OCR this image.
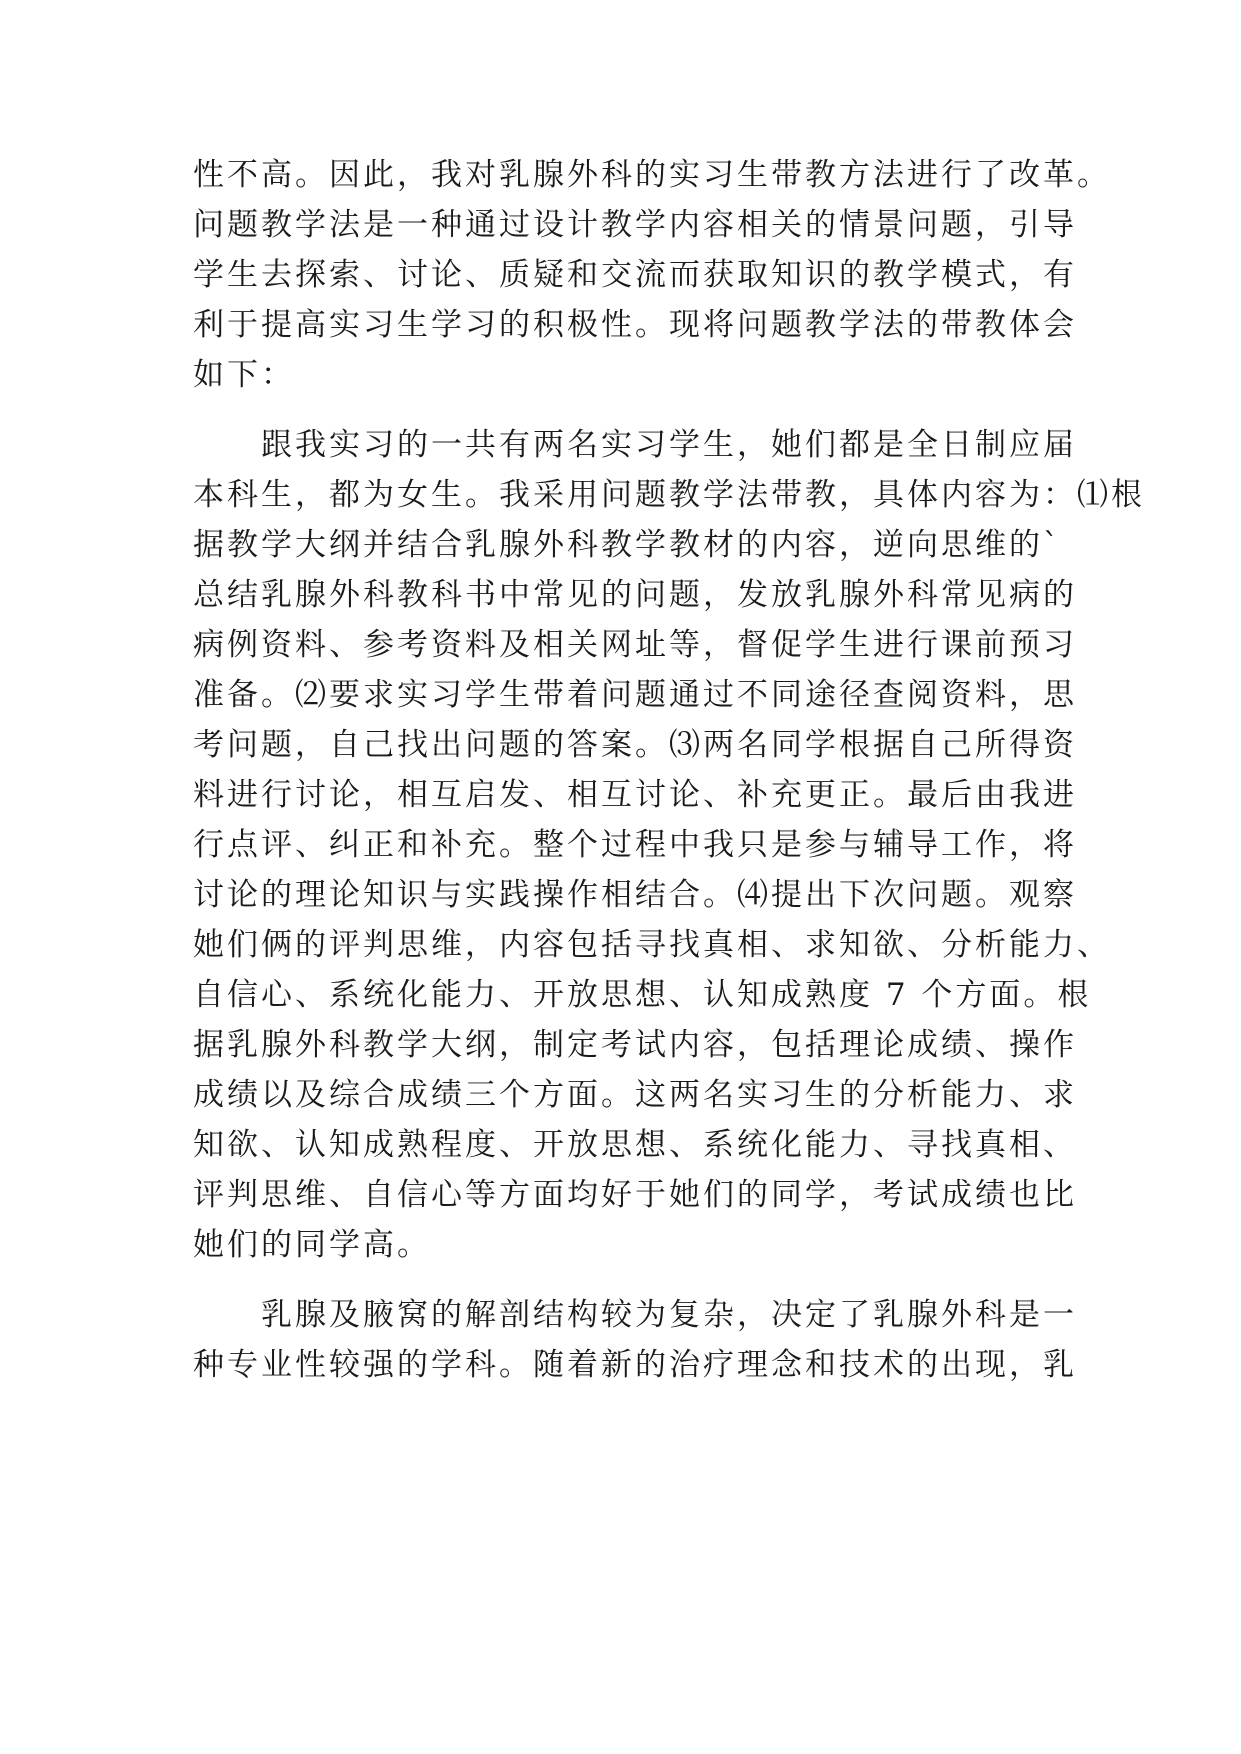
性不高。因此，我对乳腺外科的实习生带教方法进行了改革。
问题教学法是一种通过设计教学内容相关的情景问题，引导
学生去探索、讨论、质疑和交流而获取知识的教学模式，有
利于提高实习生学习的积极性。现将问题教学法的带教体会
如下：
　　跟我实习的一共有两名实习学生，她们都是全日制应届
本科生，都为女生。我采用问题教学法带教，具体内容为：⑴根
据教学大纲并结合乳腺外科教学教材的内容，逆向思维的`
总结乳腺外科教科书中常见的问题，发放乳腺外科常见病的
病例资料、参考资料及相关网址等，督促学生进行课前预习
准备。⑵要求实习学生带着问题通过不同途径查阅资料，思
考问题，自己找出问题的答案。⑶两名同学根据自己所得资
料进行讨论，相互启发、相互讨论、补充更正。最后由我进
行点评、纠正和补充。整个过程中我只是参与辅导工作，将
讨论的理论知识与实践操作相结合。⑷提出下次问题。观察
她们俩的评判思维，内容包括寻找真相、求知欲、分析能力、
自信心、系统化能力、开放思想、认知成熟度 7 个方面。根
据乳腺外科教学大纲，制定考试内容，包括理论成绩、操作
成绩以及综合成绩三个方面。这两名实习生的分析能力、求
知欲、认知成熟程度、开放思想、系统化能力、寻找真相、
评判思维、自信心等方面均好于她们的同学，考试成绩也比
她们的同学高。
　　乳腺及腋窝的解剖结构较为复杂，决定了乳腺外科是一
种专业性较强的学科。随着新的治疗理念和技术的出现，乳
